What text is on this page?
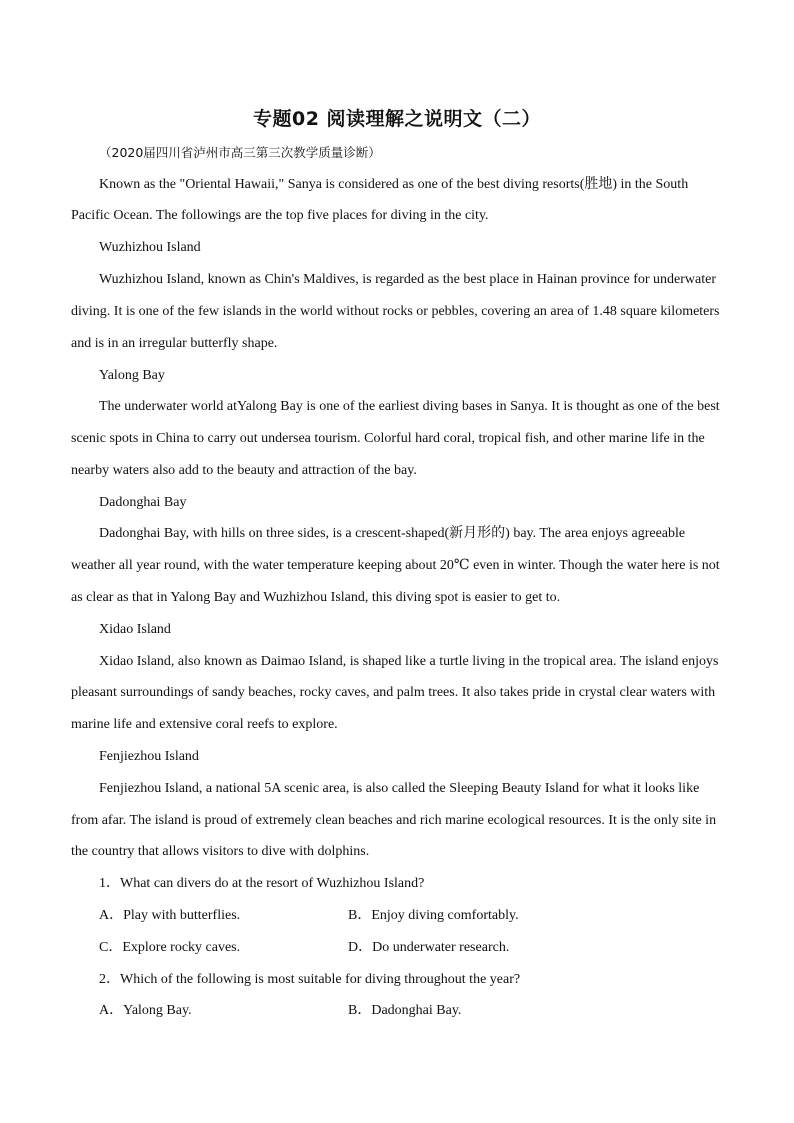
专题02 阅读理解之说明文（二）
（2020届四川省泸州市高三第三次教学质量诊断）
Known as the "Oriental Hawaii," Sanya is considered as one of the best diving resorts(胜地) in the South
Pacific Ocean. The followings are the top five places for diving in the city.
Wuzhizhou Island
Wuzhizhou Island, known as Chin's Maldives, is regarded as the best place in Hainan province for underwater
diving. It is one of the few islands in the world without rocks or pebbles, covering an area of 1.48 square kilometers
and is in an irregular butterfly shape.
Yalong Bay
The underwater world atYalong Bay is one of the earliest diving bases in Sanya. It is thought as one of the best
scenic spots in China to carry out undersea tourism. Colorful hard coral, tropical fish, and other marine life in the
nearby waters also add to the beauty and attraction of the bay.
Dadonghai Bay
Dadonghai Bay, with hills on three sides, is a crescent-shaped(新月形的) bay. The area enjoys agreeable
weather all year round, with the water temperature keeping about 20℃ even in winter. Though the water here is not
as clear as that in Yalong Bay and Wuzhizhou Island, this diving spot is easier to get to.
Xidao Island
Xidao Island, also known as Daimao Island, is shaped like a turtle living in the tropical area. The island enjoys
pleasant surroundings of sandy beaches, rocky caves, and palm trees. It also takes pride in crystal clear waters with
marine life and extensive coral reefs to explore.
Fenjiezhou Island
Fenjiezhou Island, a national 5A scenic area, is also called the Sleeping Beauty Island for what it looks like
from afar. The island is proud of extremely clean beaches and rich marine ecological resources. It is the only site in
the country that allows visitors to dive with dolphins.
1．What can divers do at the resort of Wuzhizhou Island?
A．Play with butterflies.	B．Enjoy diving comfortably.
C．Explore rocky caves.	D．Do underwater research.
2．Which of the following is most suitable for diving throughout the year?
A．Yalong Bay.	B．Dadonghai Bay.
